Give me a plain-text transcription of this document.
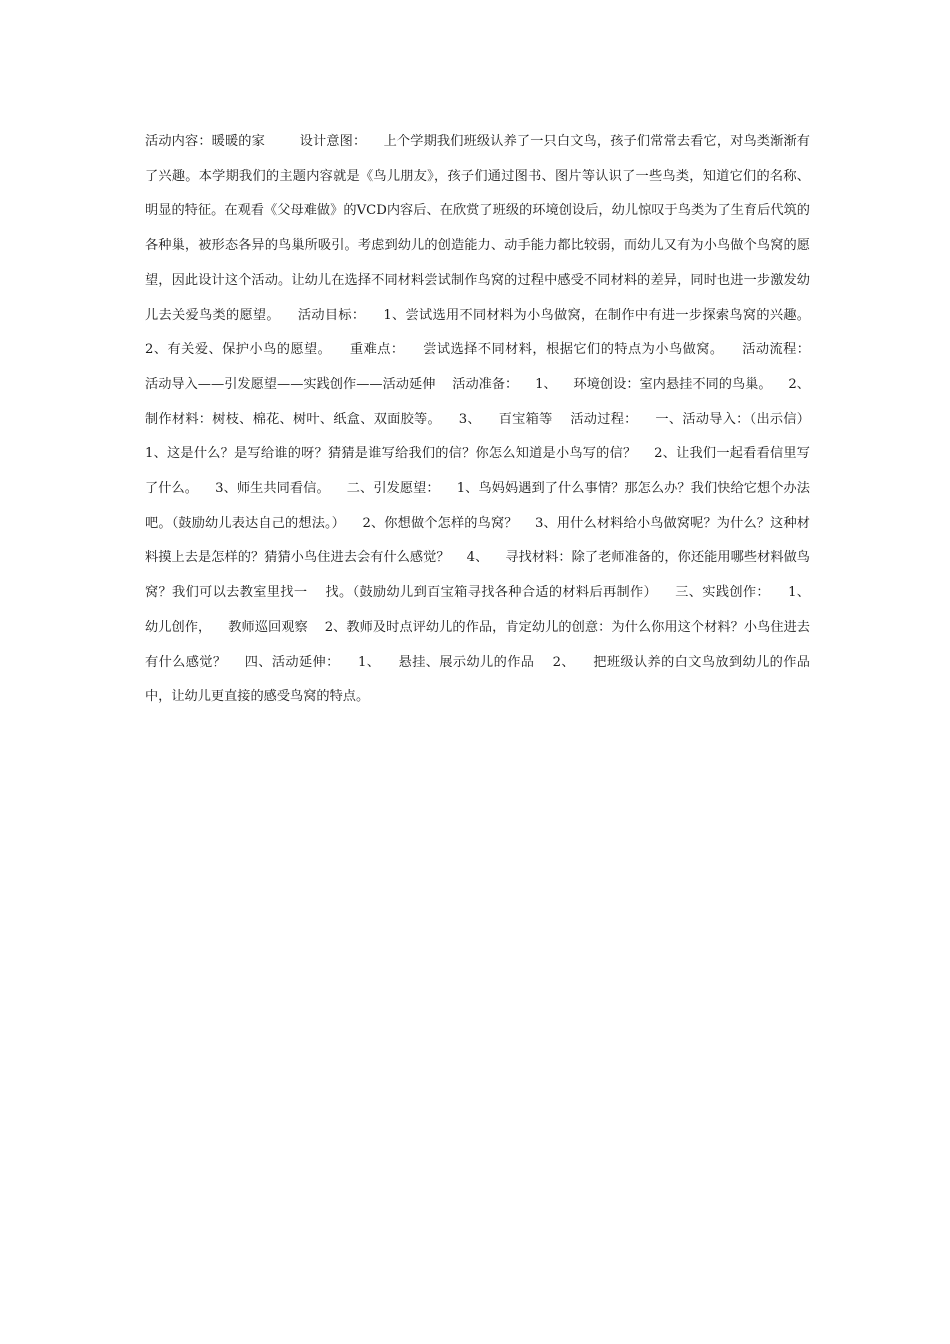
活动内容：暖暖的家        设计意图：    上个学期我们班级认养了一只白文鸟，孩子们常常去看它，对鸟类渐渐有了兴趣。本学期我们的主题内容就是《鸟儿朋友》，孩子们通过图书、图片等认识了一些鸟类，知道它们的名称、明显的特征。在观看《父母难做》的VCD内容后、在欣赏了班级的环境创设后，幼儿惊叹于鸟类为了生育后代筑的各种巢，被形态各异的鸟巢所吸引。考虑到幼儿的创造能力、动手能力都比较弱，而幼儿又有为小鸟做个鸟窝的愿望，因此设计这个活动。让幼儿在选择不同材料尝试制作鸟窝的过程中感受不同材料的差异，同时也进一步激发幼儿去关爱鸟类的愿望。    活动目标：    1、尝试选用不同材料为小鸟做窝，在制作中有进一步探索鸟窝的兴趣。    2、有关爱、保护小鸟的愿望。    重难点：    尝试选择不同材料，根据它们的特点为小鸟做窝。    活动流程：    活动导入——引发愿望——实践创作——活动延伸    活动准备：    1、    环境创设：室内悬挂不同的鸟巢。    2、    制作材料：树枝、棉花、树叶、纸盒、双面胶等。    3、    百宝箱等    活动过程：    一、活动导入：（出示信）    1、这是什么？是写给谁的呀？猜猜是谁写给我们的信？你怎么知道是小鸟写的信？    2、让我们一起看看信里写了什么。    3、师生共同看信。    二、引发愿望：    1、鸟妈妈遇到了什么事情？那怎么办？我们快给它想个办法吧。（鼓励幼儿表达自己的想法。）    2、你想做个怎样的鸟窝？    3、用什么材料给小鸟做窝呢？为什么？这种材料摸上去是怎样的？猜猜小鸟住进去会有什么感觉？    4、    寻找材料：除了老师准备的，你还能用哪些材料做鸟窝？我们可以去教室里找一    找。（鼓励幼儿到百宝箱寻找各种合适的材料后再制作）    三、实践创作：    1、    幼儿创作，    教师巡回观察    2、教师及时点评幼儿的作品，肯定幼儿的创意：为什么你用这个材料？小鸟住进去有什么感觉？    四、活动延伸：    1、    悬挂、展示幼儿的作品    2、    把班级认养的白文鸟放到幼儿的作品中，让幼儿更直接的感受鸟窝的特点。
